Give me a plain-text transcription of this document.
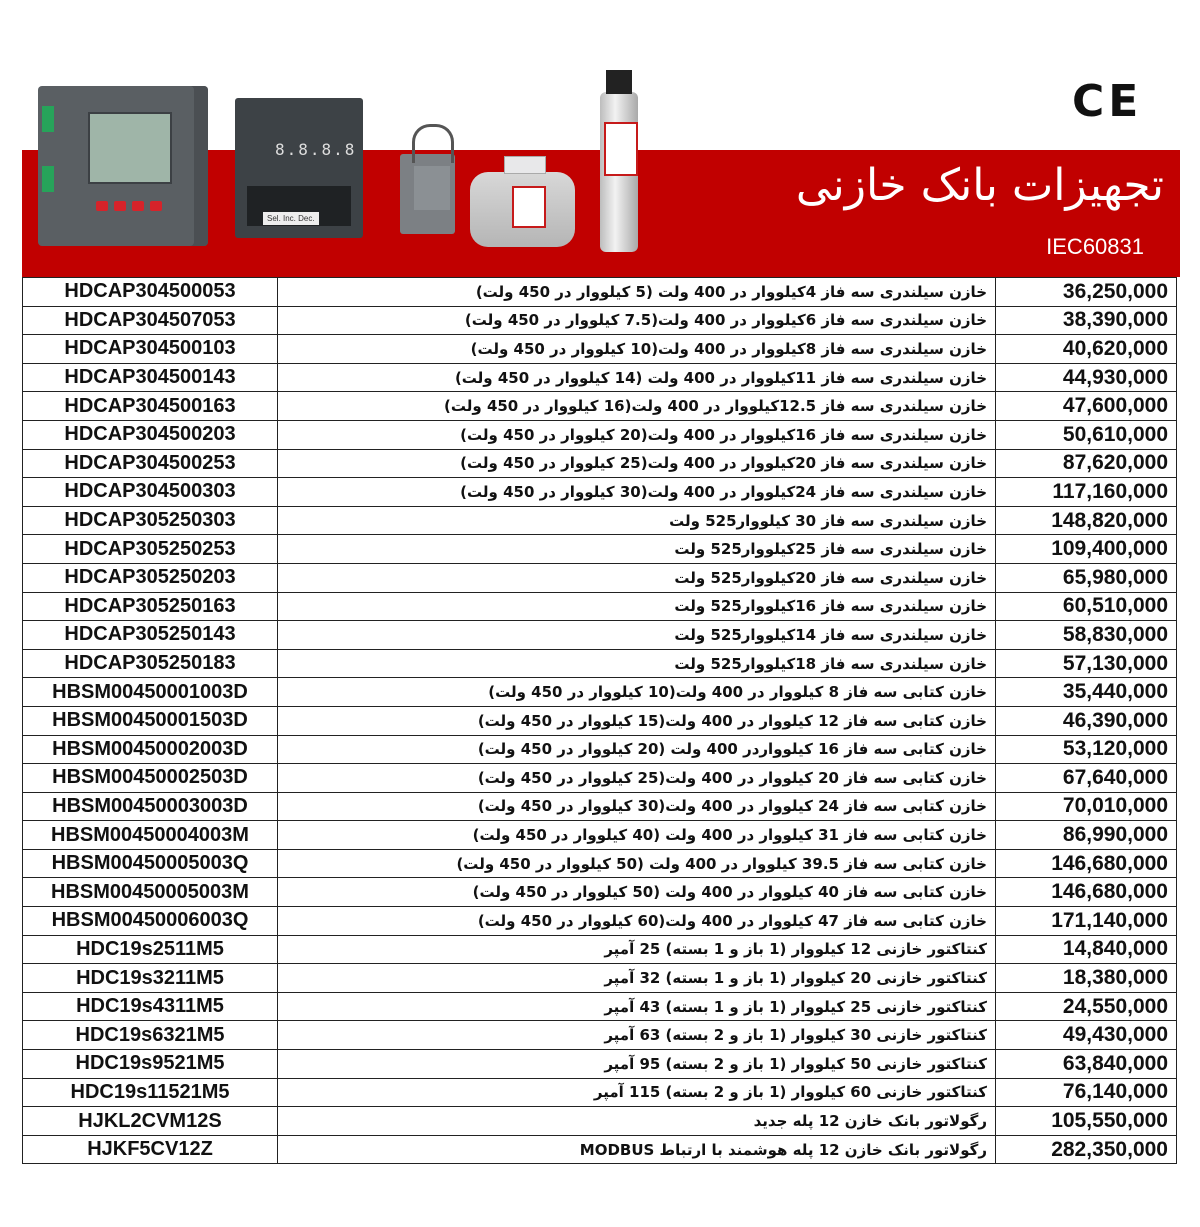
CE
تجهیزات بانک خازنی
IEC60831
8.8.8.8
Sel. Inc. Dec.
HDCAP304500053	خازن سیلندری سه فاز 4کیلووار در 400 ولت (5 کیلووار در 450 ولت)	36,250,000
HDCAP304507053	خازن سیلندری سه فاز 6کیلووار در 400 ولت(7.5 کیلووار در 450 ولت)	38,390,000
HDCAP304500103	خازن سیلندری سه فاز 8کیلووار در 400 ولت(10 کیلووار در 450 ولت)	40,620,000
HDCAP304500143	خازن سیلندری سه فاز 11کیلووار در 400 ولت (14 کیلووار در 450 ولت)	44,930,000
HDCAP304500163	خازن سیلندری سه فاز 12.5کیلووار در 400 ولت(16 کیلووار در 450 ولت)	47,600,000
HDCAP304500203	خازن سیلندری سه فاز 16کیلووار در 400 ولت(20 کیلووار در 450 ولت)	50,610,000
HDCAP304500253	خازن سیلندری سه فاز 20کیلووار در 400 ولت(25 کیلووار در 450 ولت)	87,620,000
HDCAP304500303	خازن سیلندری سه فاز 24کیلووار در 400 ولت(30 کیلووار در 450 ولت)	117,160,000
HDCAP305250303	خازن سیلندری سه فاز 30 کیلووار525 ولت	148,820,000
HDCAP305250253	خازن سیلندری سه فاز 25کیلووار525 ولت	109,400,000
HDCAP305250203	خازن سیلندری سه فاز 20کیلووار525 ولت	65,980,000
HDCAP305250163	خازن سیلندری سه فاز 16کیلووار525 ولت	60,510,000
HDCAP305250143	خازن سیلندری سه فاز 14کیلووار525 ولت	58,830,000
HDCAP305250183	خازن سیلندری سه فاز 18کیلووار525 ولت	57,130,000
HBSM00450001003D	خازن کتابی سه فاز 8 کیلووار در 400 ولت(10 کیلووار در 450 ولت)	35,440,000
HBSM00450001503D	خازن کتابی سه فاز 12 کیلووار در 400 ولت(15 کیلووار در 450 ولت)	46,390,000
HBSM00450002003D	خازن کتابی سه فاز 16 کیلوواردر 400 ولت (20 کیلووار در 450 ولت)	53,120,000
HBSM00450002503D	خازن کتابی سه فاز 20 کیلووار در 400 ولت(25 کیلووار در 450 ولت)	67,640,000
HBSM00450003003D	خازن کتابی سه فاز 24 کیلووار در 400 ولت(30 کیلووار در 450 ولت)	70,010,000
HBSM00450004003M	خازن کتابی سه فاز 31 کیلووار در 400 ولت (40 کیلووار در 450 ولت)	86,990,000
HBSM00450005003Q	خازن کتابی سه فاز 39.5 کیلووار در 400 ولت (50 کیلووار در 450 ولت)	146,680,000
HBSM00450005003M	خازن کتابی سه فاز 40 کیلووار در 400 ولت (50 کیلووار در 450 ولت)	146,680,000
HBSM00450006003Q	خازن کتابی سه فاز 47 کیلووار در 400 ولت(60 کیلووار در 450 ولت)	171,140,000
HDC19s2511M5	کنتاکتور خازنی 12 کیلووار (1 باز و 1 بسته) 25 آمپر	14,840,000
HDC19s3211M5	کنتاکتور خازنی 20 کیلووار (1 باز و 1 بسته) 32 آمپر	18,380,000
HDC19s4311M5	کنتاکتور خازنی 25 کیلووار (1 باز و 1 بسته) 43 آمپر	24,550,000
HDC19s6321M5	کنتاکتور خازنی 30 کیلووار (1 باز و 2 بسته) 63 آمپر	49,430,000
HDC19s9521M5	کنتاکتور خازنی 50 کیلووار (1 باز و 2 بسته) 95 آمپر	63,840,000
HDC19s11521M5	کنتاکتور خازنی 60 کیلووار (1 باز و 2 بسته) 115 آمپر	76,140,000
HJKL2CVM12S	رگولاتور بانک خازن 12 پله جدید	105,550,000
HJKF5CV12Z	رگولاتور بانک خازن 12 پله هوشمند با ارتباط MODBUS	282,350,000
